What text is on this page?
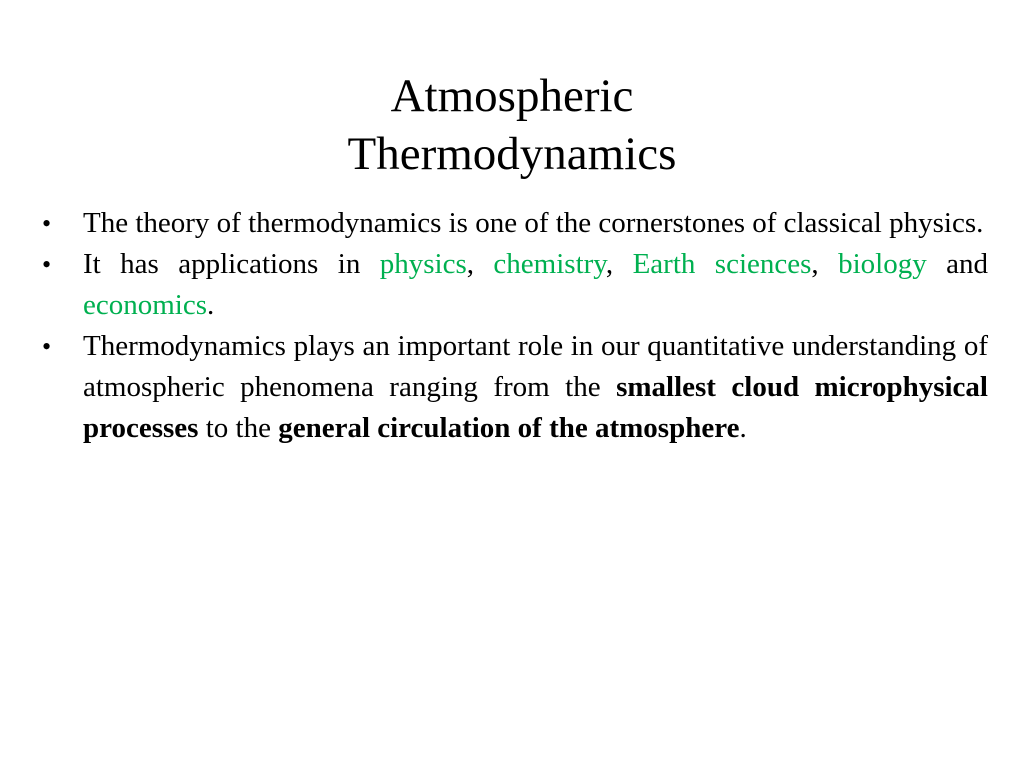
Atmospheric
Thermodynamics
• The theory of thermodynamics is one of the cornerstones of classical physics.
• It has applications in physics, chemistry, Earth sciences, biology and economics.
• Thermodynamics plays an important role in our quantitative understanding of atmospheric phenomena ranging from the smallest cloud microphysical processes to the general circulation of the atmosphere.
